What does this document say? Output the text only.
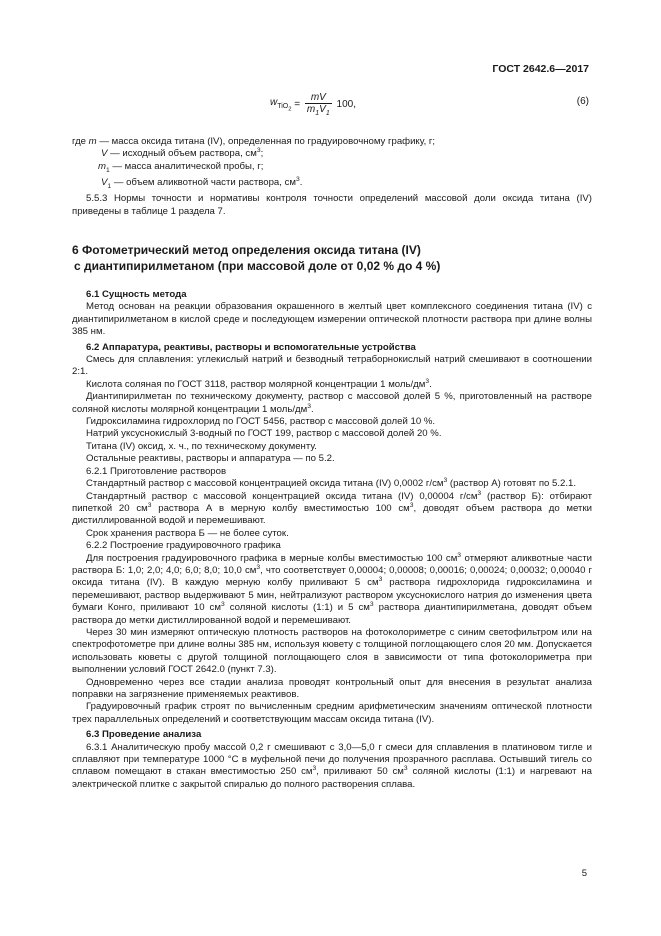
ГОСТ 2642.6—2017
$w_{TiO_2} = \frac{mV}{m_1V_1} 100$,	(6)

где m — масса оксида титана (IV), определенная по градуировочному графику, г;

V — исходный объем раствора, $см^3$;

$m_1$ — масса аналитической пробы, г;

$V_1$ — объем аликвотной части раствора, $см^3$.

5.5.3 Нормы точности и нормативы контроля точности определений массовой доли оксида титана (IV) приведены в таблице 1 раздела 7.

6 Фотометрический метод определения оксида титана (IV)
с диантипирилметаном (при массовой доле от 0,02 % до 4 %)
6.1 Сущность метода

Метод основан на реакции образования окрашенного в желтый цвет комплексного соединения титана (IV) с диантипирилметаном в кислой среде и последующем измерении оптической плотности раствора при длине волны 385 нм.

6.2 Аппаратура, реактивы, растворы и вспомогательные устройства

Смесь для сплавления: углекислый натрий и безводный тетраборнокислый натрий смешивают в соотношении 2:1.

Кислота соляная по ГОСТ 3118, раствор молярной концентрации 1 моль/$дм^3$.

Диантипирилметан по техническому документу, раствор с массовой долей 5 %, приготовленный на растворе соляной кислоты молярной концентрации 1 моль/$дм^3$.

Гидроксиламина гидрохлорид по ГОСТ 5456, раствор с массовой долей 10 %.

Натрий уксуснокислый 3-водный по ГОСТ 199, раствор с массовой долей 20 %.

Титана (IV) оксид, х. ч., по техническому документу.

Остальные реактивы, растворы и аппаратура — по 5.2.

6.2.1 Приготовление растворов

Стандартный раствор с массовой концентрацией оксида титана (IV) 0,0002 $г/см^3$ (раствор А) готовят по 5.2.1.

Стандартный раствор с массовой концентрацией оксида титана (IV) 0,00004 $г/см^3$ (раствор Б): отбирают пипеткой 20 $см^3$ раствора А в мерную колбу вместимостью 100 $см^3$, доводят объем раствора до метки дистиллированной водой и перемешивают.

Срок хранения раствора Б — не более суток.

6.2.2 Построение градуировочного графика

Для построения градуировочного графика в мерные колбы вместимостью 100 $см^3$ отмеряют аликвотные части раствора Б: 1,0; 2,0; 4,0; 6,0; 8,0; 10,0 $см^3$, что соответствует 0,00004; 0,00008; 0,00016; 0,00024; 0,00032; 0,00040 г оксида титана (IV). В каждую мерную колбу приливают 5 $см^3$ раствора гидрохлорида гидроксиламина и перемешивают, раствор выдерживают 5 мин, нейтрализуют раствором уксуснокислого натрия до изменения цвета бумаги Конго, приливают 10 $см^3$ соляной кислоты (1:1) и 5 $см^3$ раствора диантипирилметана, доводят объем раствора до метки дистиллированной водой и перемешивают.

Через 30 мин измеряют оптическую плотность растворов на фотоколориметре с синим светофильтром или на спектрофотометре при длине волны 385 нм, используя кювету с толщиной поглощающего слоя 20 мм. Допускается использовать кюветы с другой толщиной поглощающего слоя в зависимости от типа фотоколориметра при выполнении условий ГОСТ 2642.0 (пункт 7.3).

Одновременно через все стадии анализа проводят контрольный опыт для внесения в результат анализа поправки на загрязнение применяемых реактивов.

Градуировочный график строят по вычисленным средним арифметическим значениям оптической плотности трех параллельных определений и соответствующим массам оксида титана (IV).

6.3 Проведение анализа

6.3.1 Аналитическую пробу массой 0,2 г смешивают с 3,0—5,0 г смеси для сплавления в платиновом тигле и сплавляют при температуре 1000 °С в муфельной печи до получения прозрачного расплава. Остывший тигель со сплавом помещают в стакан вместимостью 250 $см^3$, приливают 50 $см^3$ соляной кислоты (1:1) и нагревают на электрической плитке с закрытой спиралью до полного растворения сплава.

5
